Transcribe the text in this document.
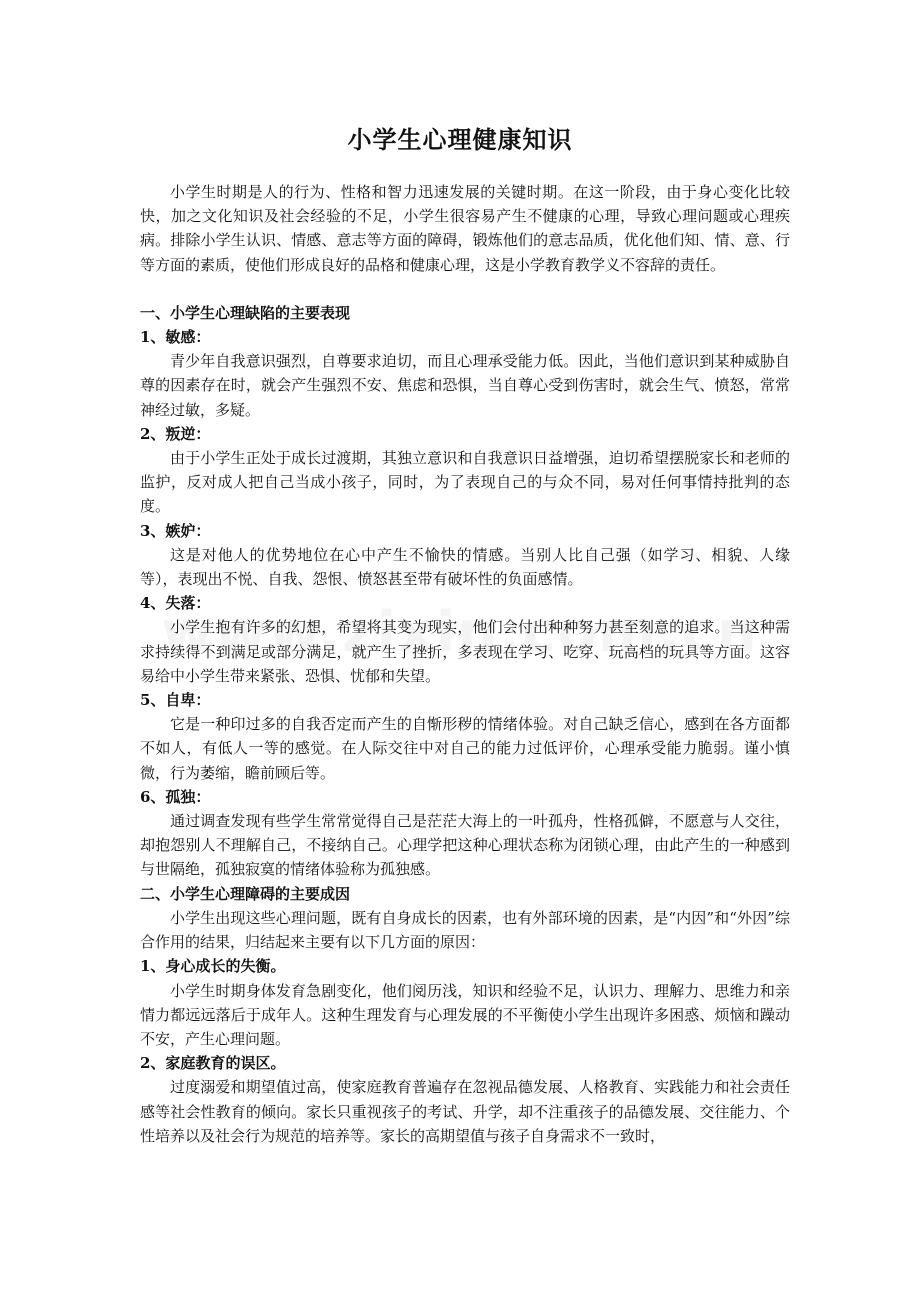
小学生心理健康知识

小学生时期是人的行为、性格和智力迅速发展的关键时期。在这一阶段，由于身心变化比较快，加之文化知识及社会经验的不足，小学生很容易产生不健康的心理，导致心理问题或心理疾病。排除小学生认识、情感、意志等方面的障碍，锻炼他们的意志品质，优化他们知、情、意、行等方面的素质，使他们形成良好的品格和健康心理，这是小学教育教学义不容辞的责任。

一、小学生心理缺陷的主要表现

1、敏感：

青少年自我意识强烈，自尊要求迫切，而且心理承受能力低。因此，当他们意识到某种威胁自尊的因素存在时，就会产生强烈不安、焦虑和恐惧，当自尊心受到伤害时，就会生气、愤怒，常常神经过敏，多疑。

2、叛逆：

由于小学生正处于成长过渡期，其独立意识和自我意识日益增强，迫切希望摆脱家长和老师的监护，反对成人把自己当成小孩子，同时，为了表现自己的与众不同，易对任何事情持批判的态度。

3、嫉妒：

这是对他人的优势地位在心中产生不愉快的情感。当别人比自己强（如学习、相貌、人缘等），表现出不悦、自我、怨恨、愤怒甚至带有破坏性的负面感情。

4、失落：

小学生抱有许多的幻想，希望将其变为现实，他们会付出种种努力甚至刻意的追求。当这种需求持续得不到满足或部分满足，就产生了挫折，多表现在学习、吃穿、玩高档的玩具等方面。这容易给中小学生带来紧张、恐惧、忧郁和失望。

5、自卑：

它是一种印过多的自我否定而产生的自惭形秽的情绪体验。对自己缺乏信心，感到在各方面都不如人，有低人一等的感觉。在人际交往中对自己的能力过低评价，心理承受能力脆弱。谨小慎微，行为萎缩，瞻前顾后等。

6、孤独：

通过调查发现有些学生常常觉得自己是茫茫大海上的一叶孤舟，性格孤僻，不愿意与人交往，却抱怨别人不理解自己，不接纳自己。心理学把这种心理状态称为闭锁心理，由此产生的一种感到与世隔绝，孤独寂寞的情绪体验称为孤独感。

二、小学生心理障碍的主要成因

小学生出现这些心理问题，既有自身成长的因素，也有外部环境的因素，是“内因”和“外因”综合作用的结果，归结起来主要有以下几方面的原因：

1、身心成长的失衡。

小学生时期身体发育急剧变化，他们阅历浅，知识和经验不足，认识力、理解力、思维力和亲情力都远远落后于成年人。这种生理发育与心理发展的不平衡使小学生出现许多困惑、烦恼和躁动不安，产生心理问题。

2、家庭教育的误区。

过度溺爱和期望值过高，使家庭教育普遍存在忽视品德发展、人格教育、实践能力和社会责任感等社会性教育的倾向。家长只重视孩子的考试、升学，却不注重孩子的品德发展、交往能力、个性培养以及社会行为规范的培养等。家长的高期望值与孩子自身需求不一致时，
